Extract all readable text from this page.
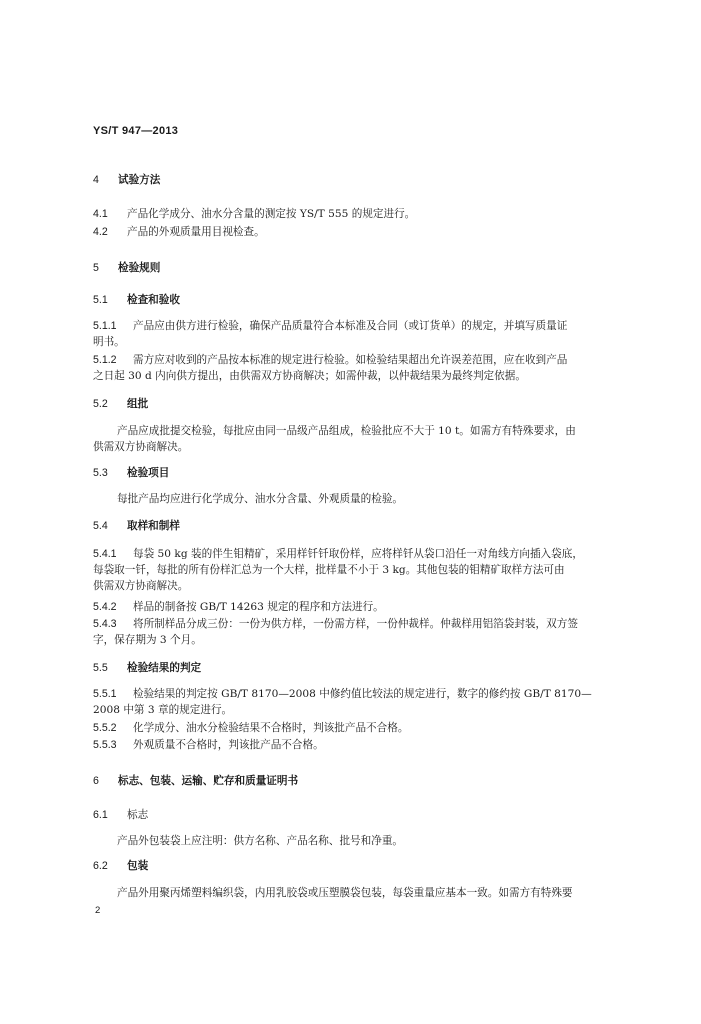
YS/T 947—2013
4 试验方法
4.1 产品化学成分、油水分含量的测定按 YS/T 555 的规定进行。
4.2 产品的外观质量用目视检查。
5 检验规则
5.1 检查和验收
5.1.1 产品应由供方进行检验，确保产品质量符合本标准及合同（或订货单）的规定，并填写质量证
明书。
5.1.2 需方应对收到的产品按本标准的规定进行检验。如检验结果超出允许误差范围，应在收到产品
之日起 30 d 内向供方提出，由供需双方协商解决；如需仲裁，以仲裁结果为最终判定依据。
5.2 组批
产品应成批提交检验，每批应由同一品级产品组成，检验批应不大于 10 t。如需方有特殊要求，由
供需双方协商解决。
5.3 检验项目
每批产品均应进行化学成分、油水分含量、外观质量的检验。
5.4 取样和制样
5.4.1 每袋 50 kg 装的伴生钼精矿，采用样钎钎取份样，应将样钎从袋口沿任一对角线方向插入袋底，
每袋取一钎，每批的所有份样汇总为一个大样，批样量不小于 3 kg。其他包装的钼精矿取样方法可由
供需双方协商解决。
5.4.2 样品的制备按 GB/T 14263 规定的程序和方法进行。
5.4.3 将所制样品分成三份：一份为供方样，一份需方样，一份仲裁样。仲裁样用铝箔袋封装，双方签
字，保存期为 3 个月。
5.5 检验结果的判定
5.5.1 检验结果的判定按 GB/T 8170—2008 中修约值比较法的规定进行，数字的修约按 GB/T 8170—
2008 中第 3 章的规定进行。
5.5.2 化学成分、油水分检验结果不合格时，判该批产品不合格。
5.5.3 外观质量不合格时，判该批产品不合格。
6 标志、包装、运输、贮存和质量证明书
6.1 标志
产品外包装袋上应注明：供方名称、产品名称、批号和净重。
6.2 包装
产品外用聚丙烯塑料编织袋，内用乳胶袋或压塑膜袋包装，每袋重量应基本一致。如需方有特殊要
2
